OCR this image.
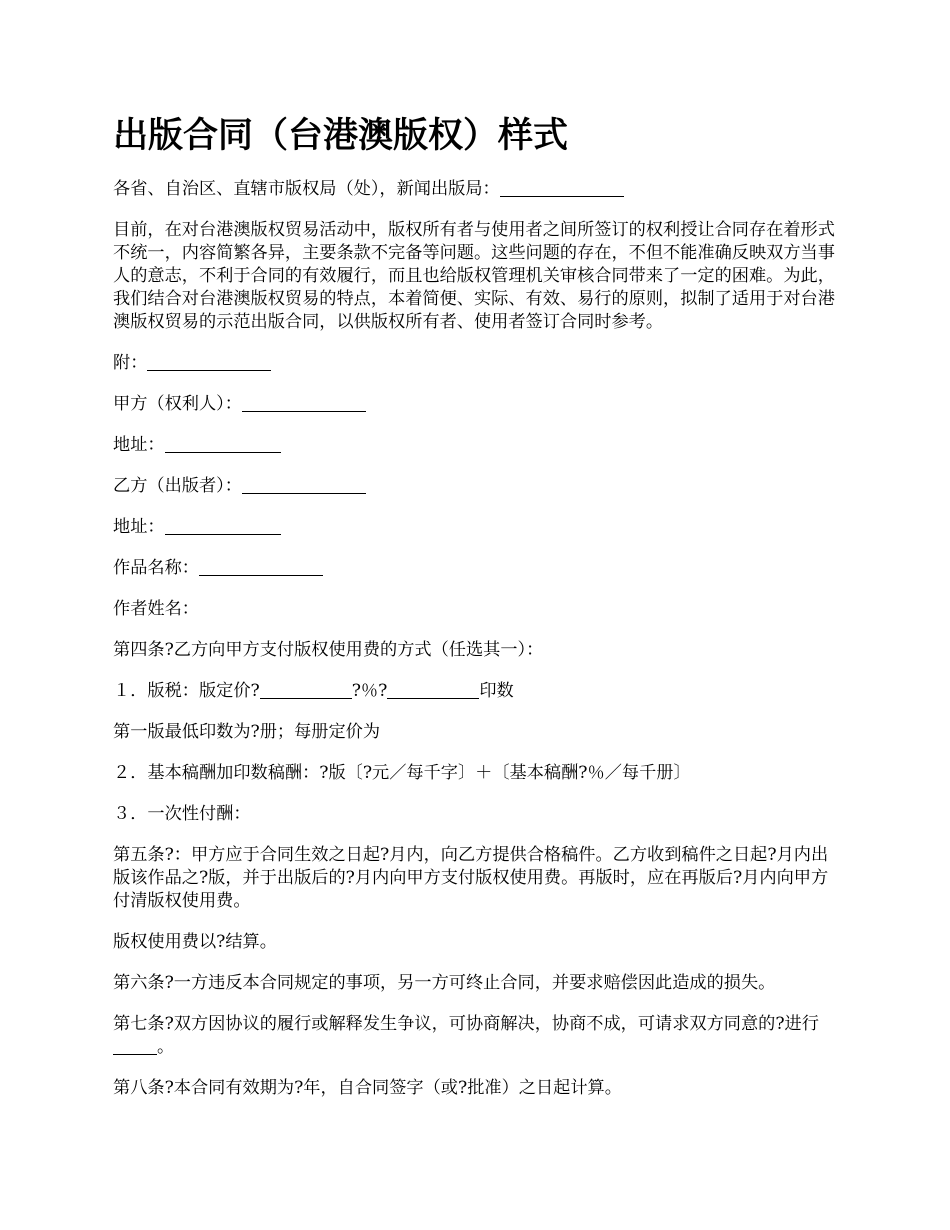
出版合同（台港澳版权）样式

各省、自治区、直辖市版权局（处），新闻出版局：

目前，在对台港澳版权贸易活动中，版权所有者与使用者之间所签订的权利授让合同存在着形式不统一，内容简繁各异，主要条款不完备等问题。这些问题的存在，不但不能准确反映双方当事人的意志，不利于合同的有效履行，而且也给版权管理机关审核合同带来了一定的困难。为此，我们结合对台港澳版权贸易的特点，本着简便、实际、有效、易行的原则，拟制了适用于对台港澳版权贸易的示范出版合同，以供版权所有者、使用者签订合同时参考。

附：

甲方（权利人）：

地址：

乙方（出版者）：

地址：

作品名称：

作者姓名：

第四条?乙方向甲方支付版权使用费的方式（任选其一）：

１．版税：版定价?	?％?	印数

第一版最低印数为?册；每册定价为

２．基本稿酬加印数稿酬：?版〔?元／每千字〕＋〔基本稿酬?％／每千册〕

３．一次性付酬：

第五条?：甲方应于合同生效之日起?月内，向乙方提供合格稿件。乙方收到稿件之日起?月内出版该作品之?版，并于出版后的?月内向甲方支付版权使用费。再版时，应在再版后?月内向甲方付清版权使用费。

版权使用费以?结算。

第六条?一方违反本合同规定的事项，另一方可终止合同，并要求赔偿因此造成的损失。

第七条?双方因协议的履行或解释发生争议，可协商解决，协商不成，可请求双方同意的?进行。

第八条?本合同有效期为?年，自合同签字（或?批准）之日起计算。
